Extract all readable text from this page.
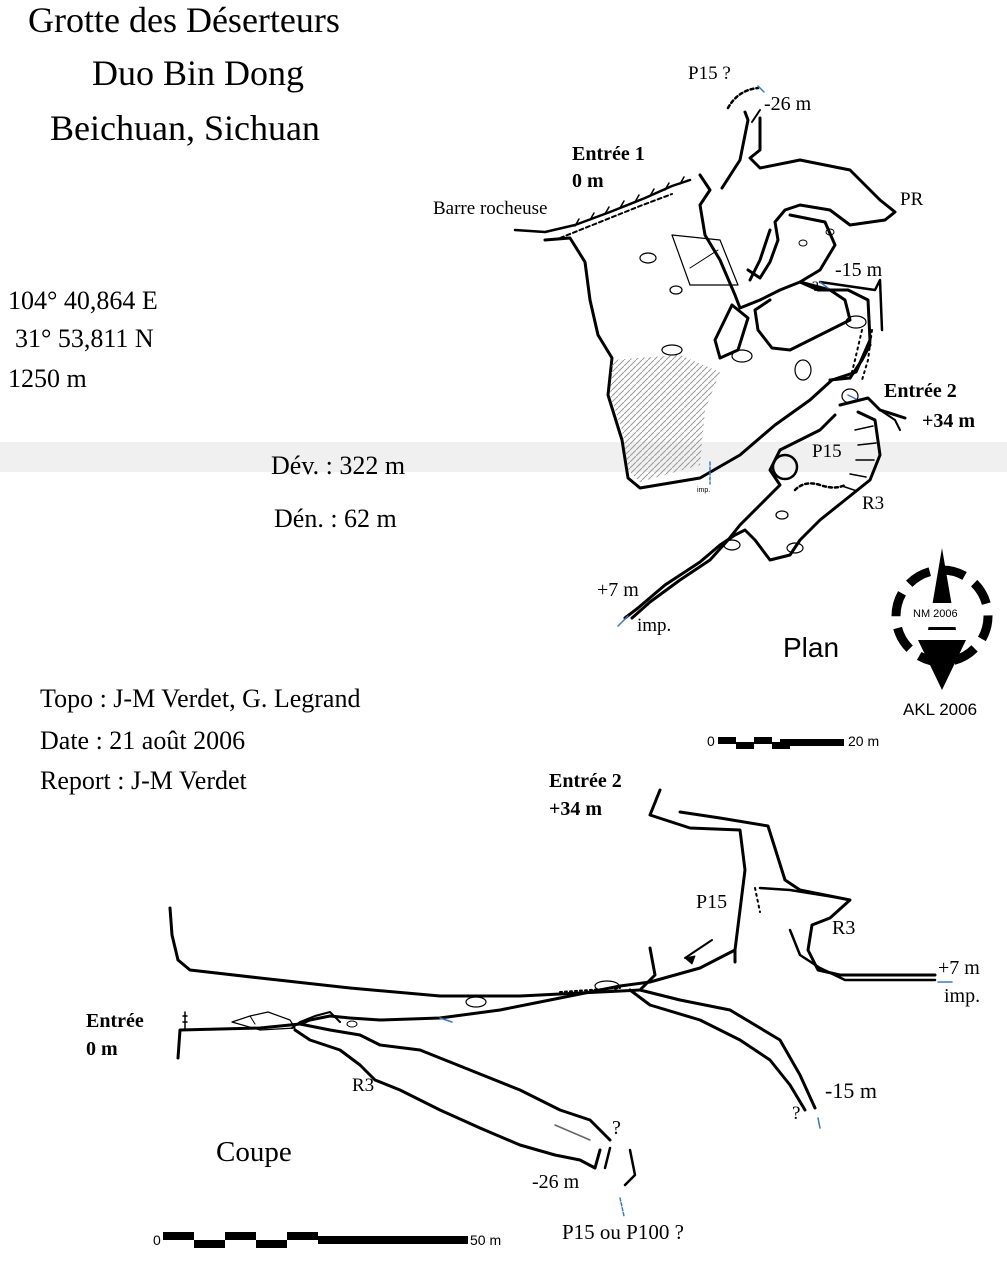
Grotte des Déserteurs
Duo Bin Dong
Beichuan, Sichuan
104° 40,864 E
31° 53,811 N
1250 m
Dév. : 322 m
Dén. : 62 m
Topo : J-M Verdet, G. Legrand
Date : 21 août 2006
Report : J-M Verdet
P15 ?
-26 m
Entrée 1
0 m
Barre rocheuse	PR
-15 m
?
Entrée 2
+34 m
P15
R3
+7 m
imp.
imp.
Plan
NM 2006
AKL 2006
0	20 m
Entrée 2
+34 m
P15
R3
+7 m
imp.
Entrée
0 m
R3	-15 m
?
?
Coupe
-26 m
P15 ou P100 ?
0	50 m
